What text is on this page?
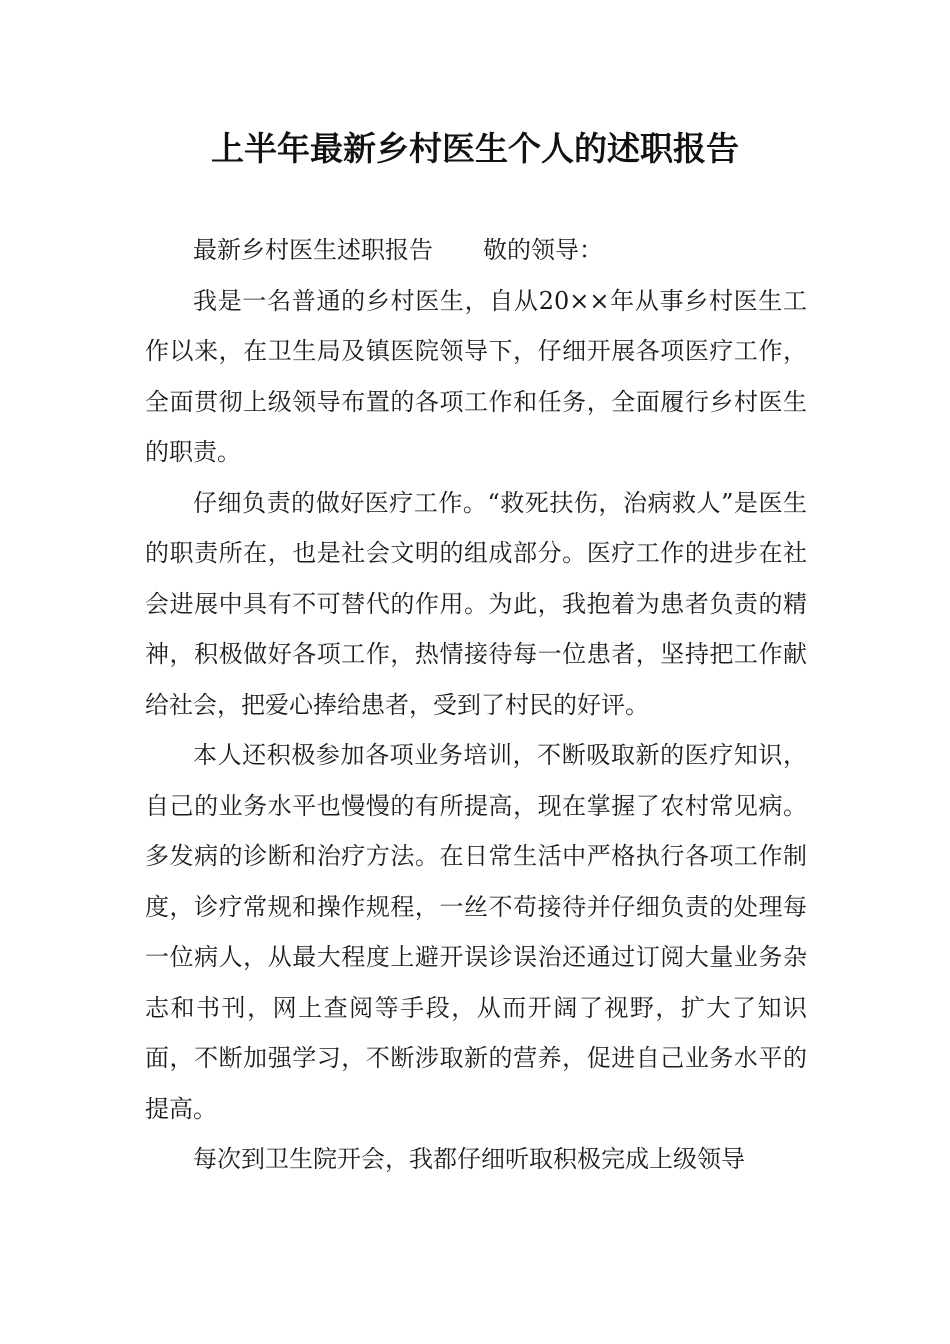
上半年最新乡村医生个人的述职报告

最新乡村医生述职报告 敬的领导：

我是一名普通的乡村医生，自从20××年从事乡村医生工作以来，在卫生局及镇医院领导下，仔细开展各项医疗工作，全面贯彻上级领导布置的各项工作和任务，全面履行乡村医生的职责。

仔细负责的做好医疗工作。“救死扶伤，治病救人”是医生的职责所在，也是社会文明的组成部分。医疗工作的进步在社会进展中具有不可替代的作用。为此，我抱着为患者负责的精神，积极做好各项工作，热情接待每一位患者，坚持把工作献给社会，把爱心捧给患者，受到了村民的好评。

本人还积极参加各项业务培训，不断吸取新的医疗知识，自己的业务水平也慢慢的有所提高，现在掌握了农村常见病。多发病的诊断和治疗方法。在日常生活中严格执行各项工作制度，诊疗常规和操作规程，一丝不苟接待并仔细负责的处理每一位病人，从最大程度上避开误诊误治还通过订阅大量业务杂志和书刊，网上查阅等手段，从而开阔了视野，扩大了知识面，不断加强学习，不断涉取新的营养，促进自己业务水平的提高。

每次到卫生院开会，我都仔细听取积极完成上级领导
